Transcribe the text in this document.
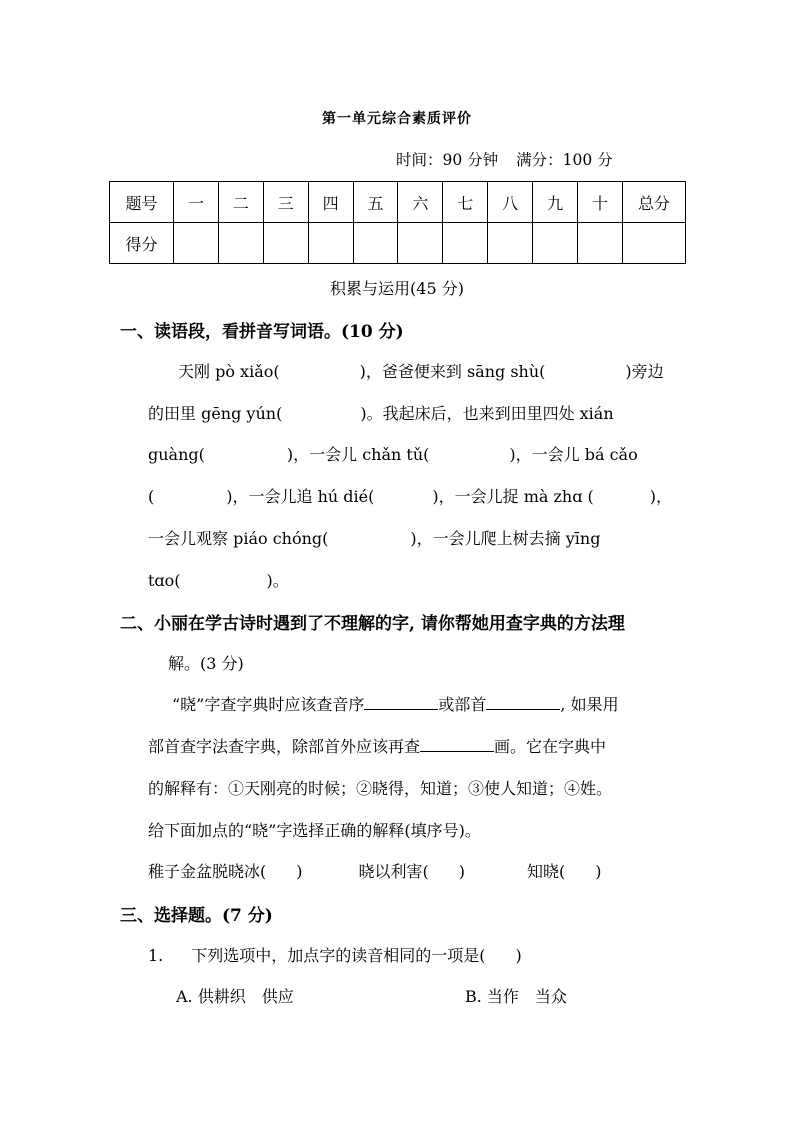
第一单元综合素质评价
时间：90 分钟 满分：100 分
题号	一	二	三	四	五	六	七	八	九	十	总分
得分											
积累与运用(45 分)
一、读语段，看拼音写词语。(10 分)
天刚 pò xiǎo(	)，爸爸便来到 sāng shù(	)旁边
的田里 gēng yún(	)。我起床后，也来到田里四处 xián
guàng(	)，一会儿 chǎn tǔ(	)，一会儿 bá cǎo
(	)，一会儿追 hú dié(	)，一会儿捉 mà zhɑ (	)，
一会儿观察 piáo chóng(	)，一会儿爬上树去摘 yīng
tɑo(	)。
二、小丽在学古诗时遇到了不理解的字, 请你帮她用查字典的方法理
解。(3 分)
“晓”字查字典时应该查音序	或部首	, 如果用
部首查字法查字典，除部首外应该再查	画。它在字典中
的解释有：①天刚亮的时候；②晓得，知道；③使人知道；④姓。
给下面加点的“晓”字选择正确的解释(填序号)。
稚子金盆脱晓冰( )	晓以利害( )	知晓( )
三、选择题。(7 分)
1. 下列选项中，加点字的读音相同的一项是( )
A. 供耕织　供应	B. 当作　当众
